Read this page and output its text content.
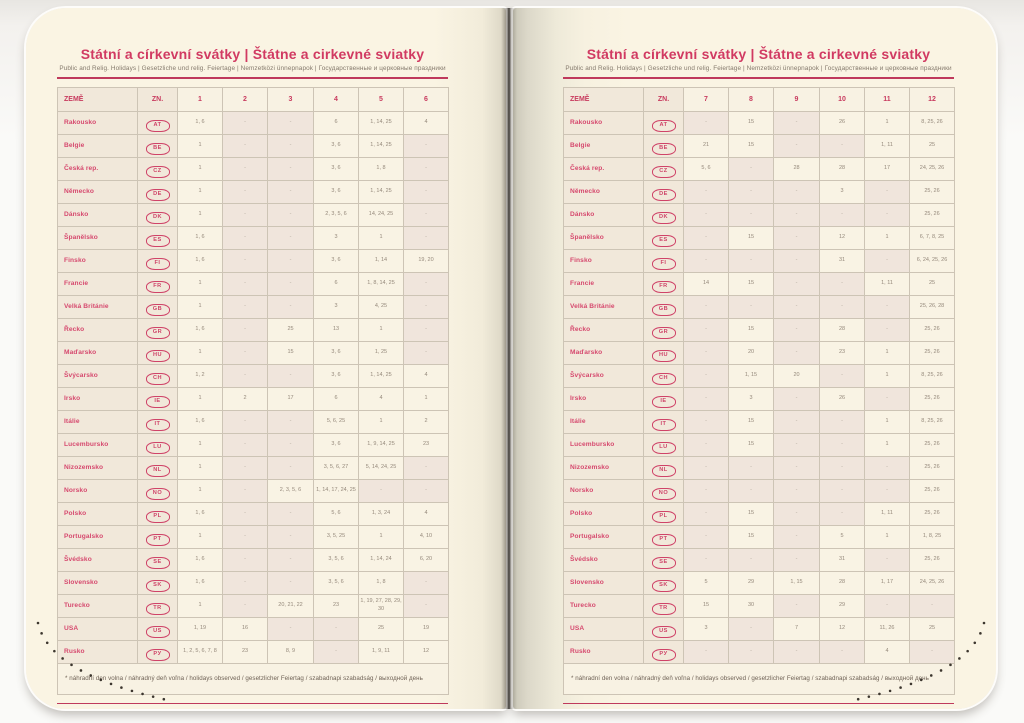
Státní a církevní svátky | Štátne a cirkevné sviatky

Public and Relig. Holidays | Gesetzliche und relig. Feiertage | Nemzetközi ünnepnapok | Государственные и церковные праздники

ZEMĚ	ZN.	1	2	3	4	5	6
Rakousko	AT	1, 6	-	-	6	1, 14, 25	4
Belgie	BE	1	-	-	3, 6	1, 14, 25	-
Česká rep.	CZ	1	-	-	3, 6	1, 8	-
Německo	DE	1	-	-	3, 6	1, 14, 25	-
Dánsko	DK	1	-	-	2, 3, 5, 6	14, 24, 25	-
Španělsko	ES	1, 6	-	-	3	1	-
Finsko	FI	1, 6	-	-	3, 6	1, 14	19, 20
Francie	FR	1	-	-	6	1, 8, 14, 25	-
Velká Británie	GB	1	-	-	3	4, 25	-
Řecko	GR	1, 6	-	25	13	1	-
Maďarsko	HU	1	-	15	3, 6	1, 25	-
Švýcarsko	CH	1, 2	-	-	3, 6	1, 14, 25	4
Irsko	IE	1	2	17	6	4	1
Itálie	IT	1, 6	-	-	5, 6, 25	1	2
Lucembursko	LU	1	-	-	3, 6	1, 9, 14, 25	23
Nizozemsko	NL	1	-	-	3, 5, 6, 27	5, 14, 24, 25	-
Norsko	NO	1	-	2, 3, 5, 6	1, 14, 17, 24, 25	-	-
Polsko	PL	1, 6	-	-	5, 6	1, 3, 24	4
Portugalsko	PT	1	-	-	3, 5, 25	1	4, 10
Švédsko	SE	1, 6	-	-	3, 5, 6	1, 14, 24	6, 20
Slovensko	SK	1, 6	-	-	3, 5, 6	1, 8	-
Turecko	TR	1	-	20, 21, 22	23	1, 19, 27, 28, 29, 30	-
USA	US	1, 19	16	-	-	25	19
Rusko	РУ	1, 2, 5, 6, 7, 8	23	8, 9	-	1, 9, 11	12
* náhradní den volna / náhradný deň voľna / holidays observed / gesetzlicher Feiertag / szabadnapi szabadság / выходной день							
Státní a církevní svátky | Štátne a cirkevné sviatky

Public and Relig. Holidays | Gesetzliche und relig. Feiertage | Nemzetközi ünnepnapok | Государственные и церковные праздники

ZEMĚ	ZN.	7	8	9	10	11	12
Rakousko	AT	-	15	-	26	1	8, 25, 26
Belgie	BE	21	15	-	-	1, 11	25
Česká rep.	CZ	5, 6	-	28	28	17	24, 25, 26
Německo	DE	-	-	-	3	-	25, 26
Dánsko	DK	-	-	-	-	-	25, 26
Španělsko	ES	-	15	-	12	1	6, 7, 8, 25
Finsko	FI	-	-	-	31	-	6, 24, 25, 26
Francie	FR	14	15	-	-	1, 11	25
Velká Británie	GB	-	-	-	-	-	25, 26, 28
Řecko	GR	-	15	-	28	-	25, 26
Maďarsko	HU	-	20	-	23	1	25, 26
Švýcarsko	CH	-	1, 15	20	-	1	8, 25, 26
Irsko	IE	-	3	-	26	-	25, 26
Itálie	IT	-	15	-	-	1	8, 25, 26
Lucembursko	LU	-	15	-	-	1	25, 26
Nizozemsko	NL	-	-	-	-	-	25, 26
Norsko	NO	-	-	-	-	-	25, 26
Polsko	PL	-	15	-	-	1, 11	25, 26
Portugalsko	PT	-	15	-	5	1	1, 8, 25
Švédsko	SE	-	-	-	31	-	25, 26
Slovensko	SK	5	29	1, 15	28	1, 17	24, 25, 26
Turecko	TR	15	30	-	29	-	-
USA	US	3	-	7	12	11, 26	25
Rusko	РУ	-	-	-	-	4	-
* náhradní den volna / náhradný deň voľna / holidays observed / gesetzlicher Feiertag / szabadnapi szabadság / выходной день							
